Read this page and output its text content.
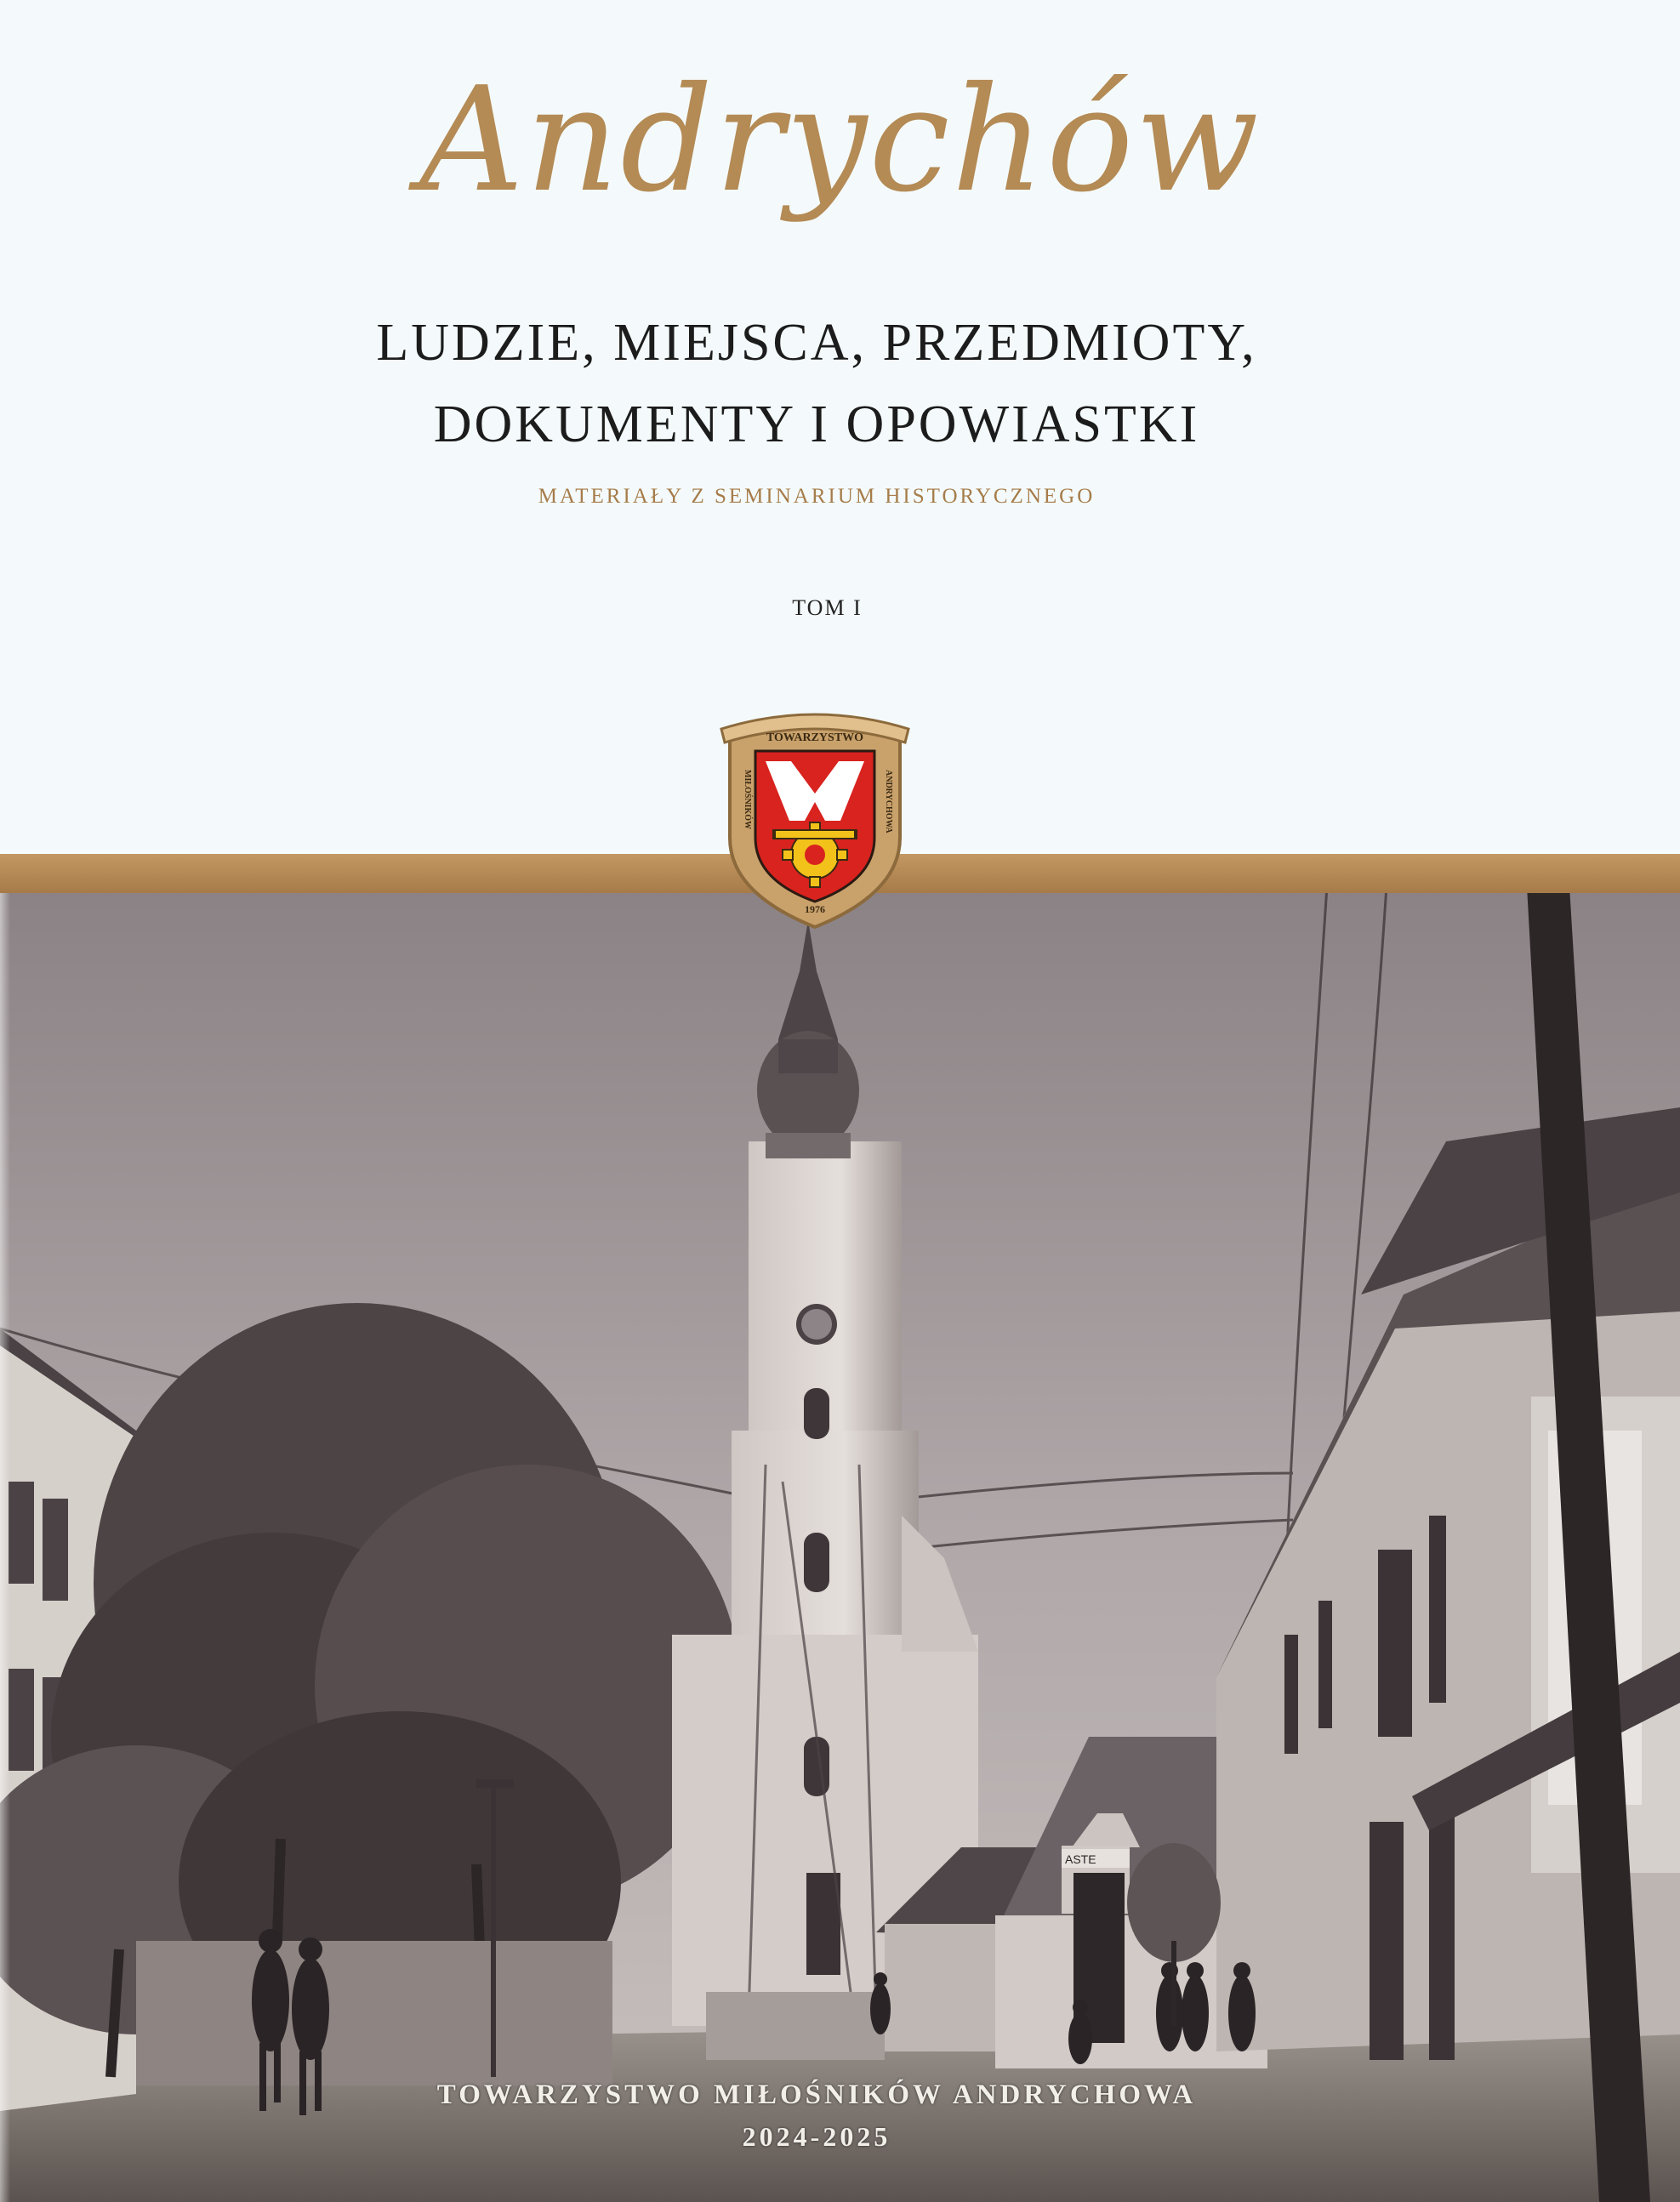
Andrychów
LUDZIE, MIEJSCA, PRZEDMIOTY,
DOKUMENTY I OPOWIASTKI
MATERIAŁY Z SEMINARIUM HISTORYCZNEGO
TOM I
ASTE
TOWARZYSTWO
MIŁOŚNIKÓW	ANDRYCHOWA
1976
TOWARZYSTWO MIŁOŚNIKÓW ANDRYCHOWA
2024-2025
